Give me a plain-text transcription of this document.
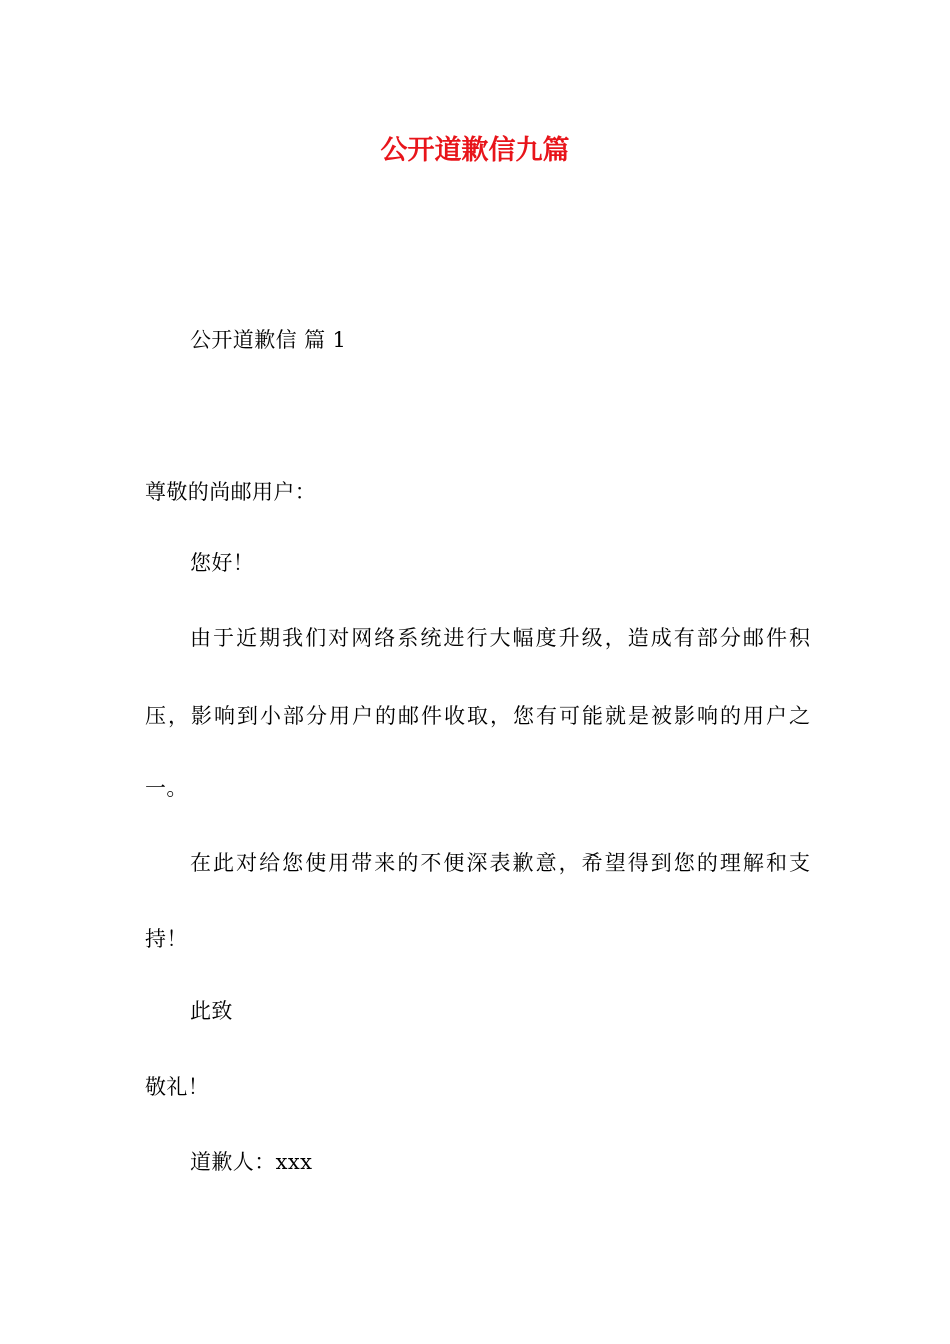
公开道歉信九篇
公开道歉信 篇 1
尊敬的尚邮用户：
您好！
由于近期我们对网络系统进行大幅度升级，造成有部分邮件积
压，影响到小部分用户的邮件收取，您有可能就是被影响的用户之
一。
在此对给您使用带来的不便深表歉意，希望得到您的理解和支
持！
此致
敬礼！
道歉人：xxx
